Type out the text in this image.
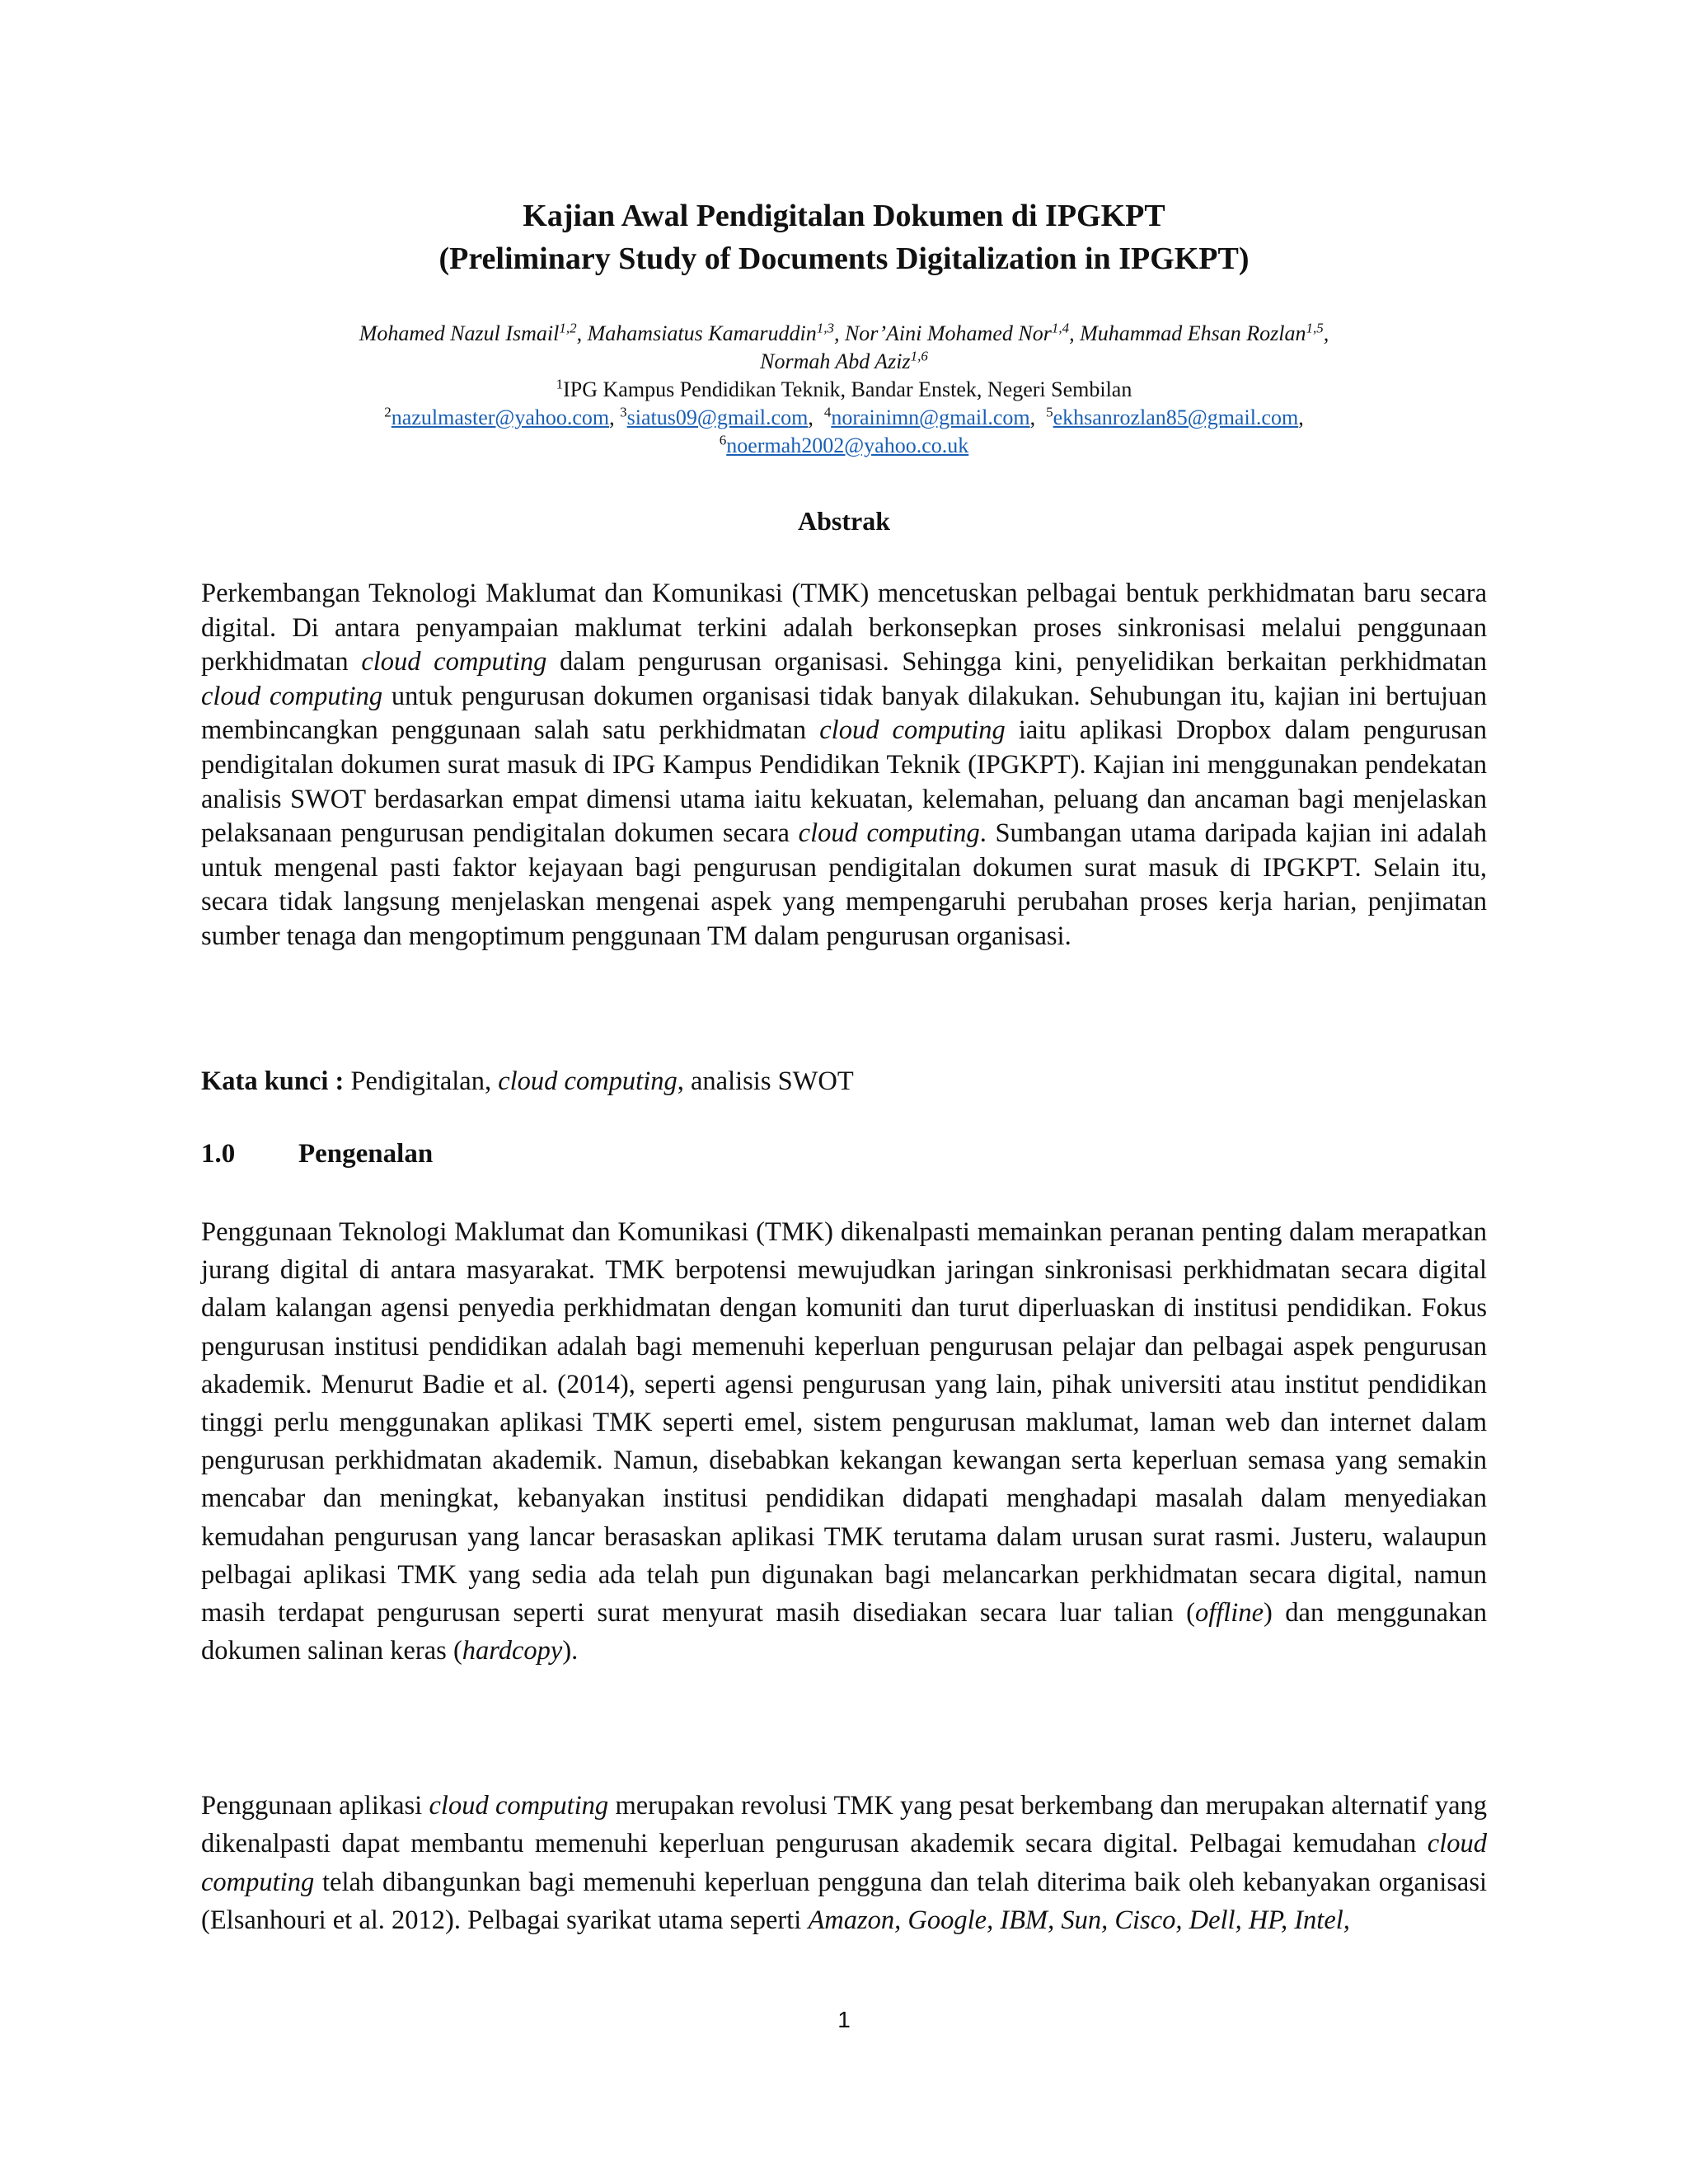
Kajian Awal Pendigitalan Dokumen di IPGKPT
(Preliminary Study of Documents Digitalization in IPGKPT)
Mohamed Nazul Ismail$^{1,2}$, Mahamsiatus Kamaruddin$^{1,3}$, Nor’Aini Mohamed Nor$^{1,4}$, Muhammad Ehsan Rozlan$^{1,5}$,
Normah Abd Aziz$^{1,6}$
$^1$IPG Kampus Pendidikan Teknik, Bandar Enstek, Negeri Sembilan
$^2$nazulmaster@yahoo.com, $^3$siatus09@gmail.com,  $^4$norainimn@gmail.com,  $^5$ekhsanrozlan85@gmail.com,
$^6$noermah2002@yahoo.co.uk
Abstrak

Perkembangan Teknologi Maklumat dan Komunikasi (TMK) mencetuskan pelbagai bentuk perkhidmatan baru secara digital. Di antara penyampaian maklumat terkini adalah berkonsepkan proses sinkronisasi melalui penggunaan perkhidmatan cloud computing dalam pengurusan organisasi. Sehingga kini, penyelidikan berkaitan perkhidmatan cloud computing untuk pengurusan dokumen organisasi tidak banyak dilakukan. Sehubungan itu, kajian ini bertujuan membincangkan penggunaan salah satu perkhidmatan cloud computing iaitu aplikasi Dropbox dalam pengurusan pendigitalan dokumen surat masuk di IPG Kampus Pendidikan Teknik (IPGKPT). Kajian ini menggunakan pendekatan analisis SWOT berdasarkan empat dimensi utama iaitu kekuatan, kelemahan, peluang dan ancaman bagi menjelaskan pelaksanaan pengurusan pendigitalan dokumen secara cloud computing. Sumbangan utama daripada kajian ini adalah untuk mengenal pasti faktor kejayaan bagi pengurusan pendigitalan dokumen surat masuk di IPGKPT. Selain itu, secara tidak langsung menjelaskan mengenai aspek yang mempengaruhi perubahan proses kerja harian, penjimatan sumber tenaga dan mengoptimum penggunaan TM dalam pengurusan organisasi.

Kata kunci : Pendigitalan, cloud computing, analisis SWOT
1.0 Pengenalan

Penggunaan Teknologi Maklumat dan Komunikasi (TMK) dikenalpasti memainkan peranan penting dalam merapatkan jurang digital di antara masyarakat. TMK berpotensi mewujudkan jaringan sinkronisasi perkhidmatan secara digital dalam kalangan agensi penyedia perkhidmatan dengan komuniti dan turut diperluaskan di institusi pendidikan. Fokus pengurusan institusi pendidikan adalah bagi memenuhi keperluan pengurusan pelajar dan pelbagai aspek pengurusan akademik. Menurut Badie et al. (2014), seperti agensi pengurusan yang lain, pihak universiti atau institut pendidikan tinggi perlu menggunakan aplikasi TMK seperti emel, sistem pengurusan maklumat, laman web dan internet dalam pengurusan perkhidmatan akademik. Namun, disebabkan kekangan kewangan serta keperluan semasa yang semakin mencabar dan meningkat, kebanyakan institusi pendidikan didapati menghadapi masalah dalam menyediakan kemudahan pengurusan yang lancar berasaskan aplikasi TMK terutama dalam urusan surat rasmi. Justeru, walaupun pelbagai aplikasi TMK yang sedia ada telah pun digunakan bagi melancarkan perkhidmatan secara digital, namun masih terdapat pengurusan seperti surat menyurat masih disediakan secara luar talian (offline) dan menggunakan dokumen salinan keras (hardcopy).

Penggunaan aplikasi cloud computing merupakan revolusi TMK yang pesat berkembang dan merupakan alternatif yang dikenalpasti dapat membantu memenuhi keperluan pengurusan akademik secara digital. Pelbagai kemudahan cloud computing telah dibangunkan bagi memenuhi keperluan pengguna dan telah diterima baik oleh kebanyakan organisasi (Elsanhouri et al. 2012). Pelbagai syarikat utama seperti Amazon, Google, IBM, Sun, Cisco, Dell, HP, Intel,

1
